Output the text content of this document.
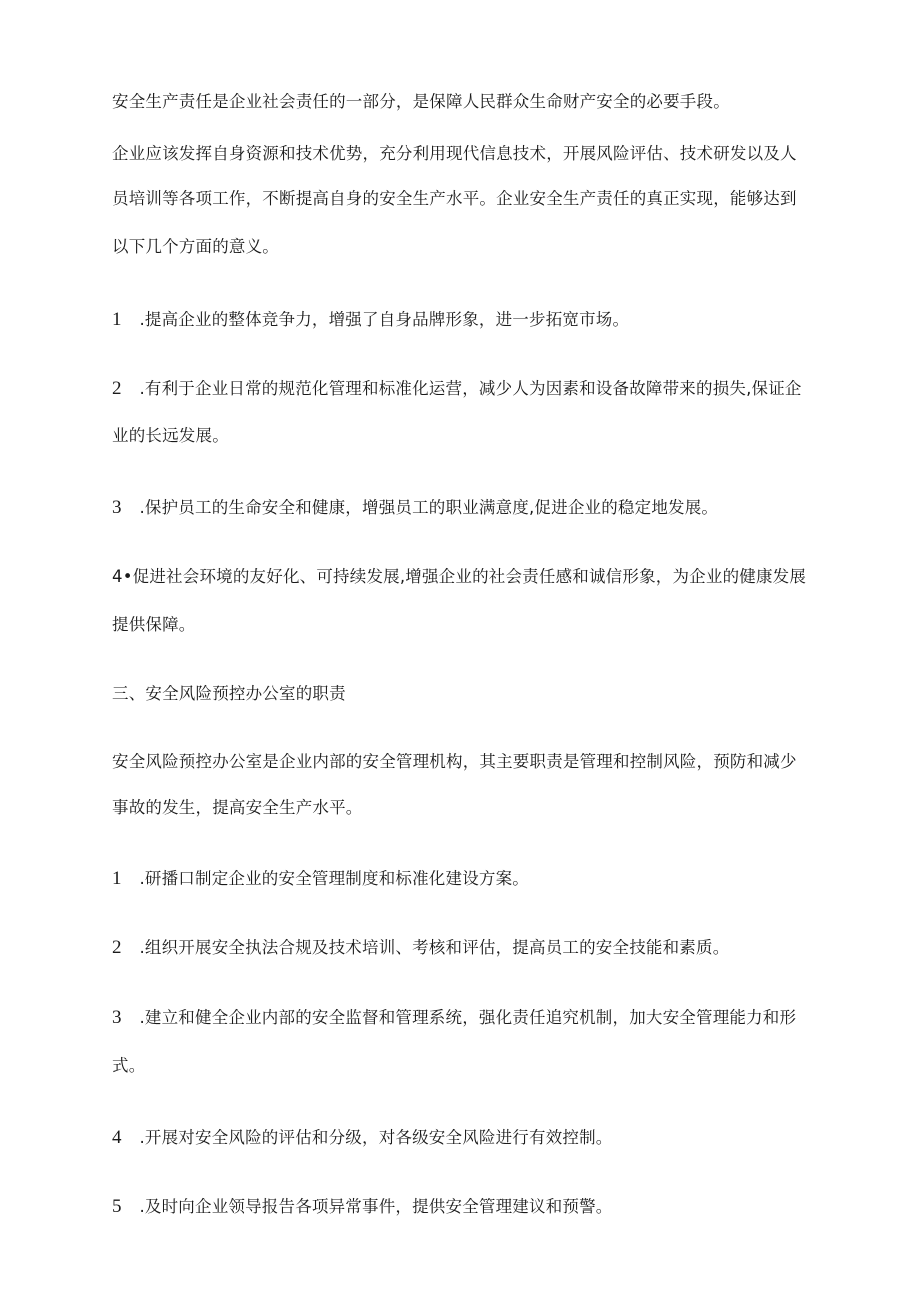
安全生产责任是企业社会责任的一部分，是保障人民群众生命财产安全的必要手段。

企业应该发挥自身资源和技术优势，充分利用现代信息技术，开展风险评估、技术研发以及人

员培训等各项工作，不断提高自身的安全生产水平。企业安全生产责任的真正实现，能够达到

以下几个方面的意义。

1 .提高企业的整体竞争力，增强了自身品牌形象，进一步拓宽市场。

2 .有利于企业日常的规范化管理和标准化运营，减少人为因素和设备故障带来的损失,保证企

业的长远发展。

3 .保护员工的生命安全和健康，增强员工的职业满意度,促进企业的稳定地发展。

4•促进社会环境的友好化、可持续发展,增强企业的社会责任感和诚信形象，为企业的健康发展

提供保障。

三、安全风险预控办公室的职责

安全风险预控办公室是企业内部的安全管理机构，其主要职责是管理和控制风险，预防和减少

事故的发生，提高安全生产水平。

1 .研播口制定企业的安全管理制度和标准化建设方案。

2 .组织开展安全执法合规及技术培训、考核和评估，提高员工的安全技能和素质。

3 .建立和健全企业内部的安全监督和管理系统，强化责任追究机制，加大安全管理能力和形

式。

4 .开展对安全风险的评估和分级，对各级安全风险进行有效控制。

5 .及时向企业领导报告各项异常事件，提供安全管理建议和预警。
